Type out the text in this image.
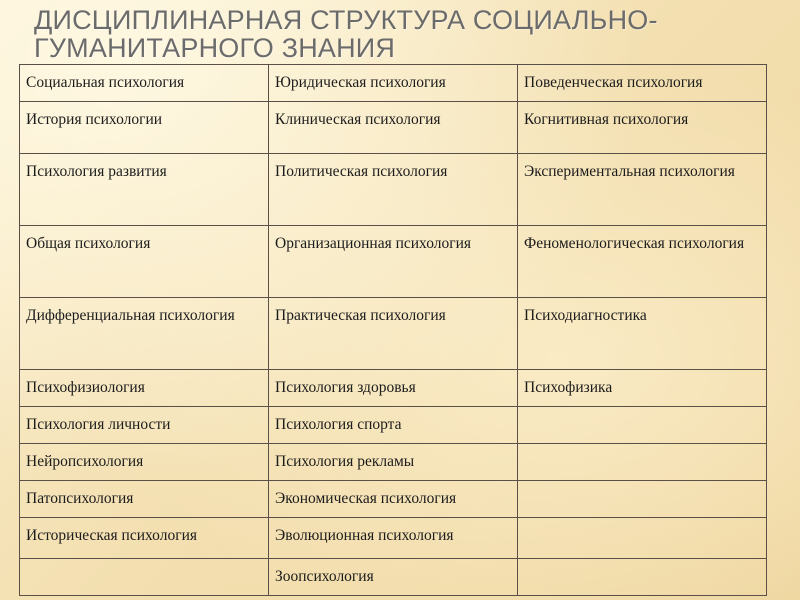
ДИСЦИПЛИНАРНАЯ СТРУКТУРА СОЦИАЛЬНО-
ГУМАНИТАРНОГО ЗНАНИЯ
Социальная психология	Юридическая психология	Поведенческая психология

История психологии	Клиническая психология	Когнитивная психология

Психология развития	Политическая психология	Экспериментальная психология

Общая психология	Организационная психология	Феноменологическая психология

Дифференциальная психология	Практическая психология	Психодиагностика

Психофизиология	Психология здоровья	Психофизика

Психология личности	Психология спорта	

Нейропсихология	Психология рекламы	

Патопсихология	Экономическая психология	

Историческая психология	Эволюционная психология	

	Зоопсихология	
